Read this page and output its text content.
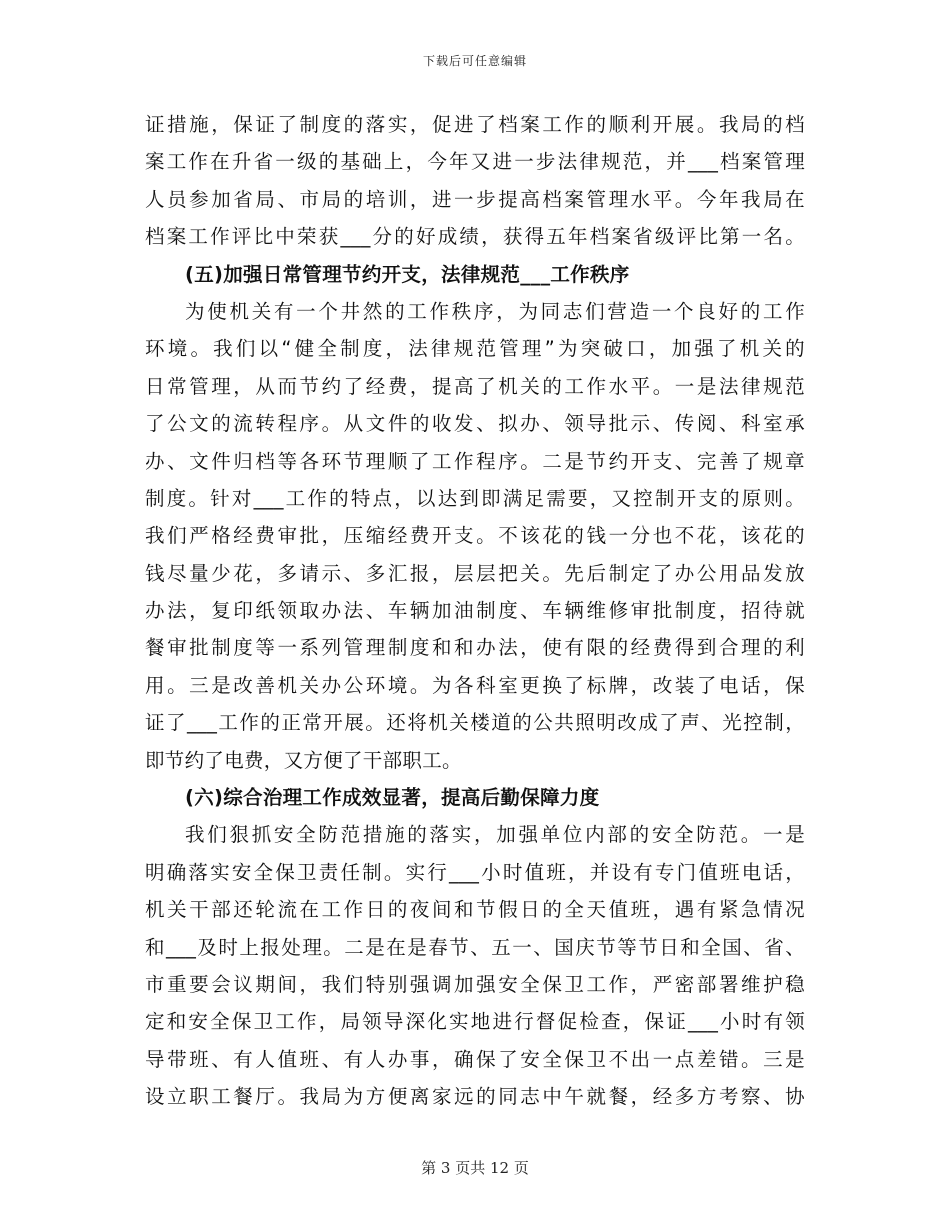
下载后可任意编辑
证措施，保证了制度的落实，促进了档案工作的顺利开展。我局的档
案工作在升省一级的基础上，今年又进一步法律规范，并___档案管理
人员参加省局、市局的培训，进一步提高档案管理水平。今年我局在
档案工作评比中荣获___分的好成绩，获得五年档案省级评比第一名。
(五)加强日常管理节约开支，法律规范___工作秩序
为使机关有一个井然的工作秩序，为同志们营造一个良好的工作
环境。我们以“健全制度，法律规范管理”为突破口，加强了机关的
日常管理，从而节约了经费，提高了机关的工作水平。一是法律规范
了公文的流转程序。从文件的收发、拟办、领导批示、传阅、科室承
办、文件归档等各环节理顺了工作程序。二是节约开支、完善了规章
制度。针对___工作的特点，以达到即满足需要，又控制开支的原则。
我们严格经费审批，压缩经费开支。不该花的钱一分也不花，该花的
钱尽量少花，多请示、多汇报，层层把关。先后制定了办公用品发放
办法，复印纸领取办法、车辆加油制度、车辆维修审批制度，招待就
餐审批制度等一系列管理制度和和办法，使有限的经费得到合理的利
用。三是改善机关办公环境。为各科室更换了标牌，改装了电话，保
证了___工作的正常开展。还将机关楼道的公共照明改成了声、光控制，
即节约了电费，又方便了干部职工。
(六)综合治理工作成效显著，提高后勤保障力度
我们狠抓安全防范措施的落实，加强单位内部的安全防范。一是
明确落实安全保卫责任制。实行___小时值班，并设有专门值班电话，
机关干部还轮流在工作日的夜间和节假日的全天值班，遇有紧急情况
和___及时上报处理。二是在是春节、五一、国庆节等节日和全国、省、
市重要会议期间，我们特别强调加强安全保卫工作，严密部署维护稳
定和安全保卫工作，局领导深化实地进行督促检查，保证___小时有领
导带班、有人值班、有人办事，确保了安全保卫不出一点差错。三是
设立职工餐厅。我局为方便离家远的同志中午就餐，经多方考察、协
第 3 页共 12 页
